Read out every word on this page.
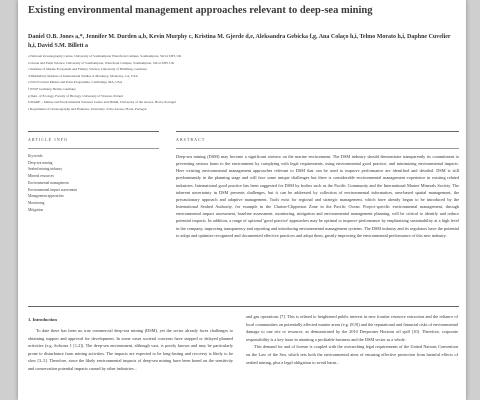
Existing environmental management approaches relevant to deep-sea mining
Daniel O.B. Jones a,*, Jennifer M. Durden a,b, Kevin Murphy c, Kristina M. Gjerde d,e, Aleksandra Gebicka f,g, Ana Colaço h,i, Telmo Morato h,i, Daphne Cuvelier h,i, David S.M. Billett a
a National Oceanography Centre, University of Southampton Waterfront Campus, Southampton, SO14 3ZH, UK
b Ocean and Earth Science, University of Southampton, Waterfront Campus, Southampton, SO14 3ZH, UK
c Institute of Marine Ecosystem and Fishery Science, University of Hamburg, Germany
d Middlebury Institute of International Studies at Monterey, Monterey, CA, USA
e IUCN Global Marine and Polar Programme, Cambridge, MA, USA
f WWF Germany, Berlin, Germany
g Dept. of Ecology, Faculty of Biology, University of Warsaw, Poland
h MARE – Marine and Environmental Sciences Centre and IMAR, University of the Azores, Horta, Portugal
i Department of Oceanography and Fisheries, University of the Azores, Horta, Portugal
ARTICLE INFO	ABSTRACT
Keywords:
Deep-sea mining
Seabed mining industry
Mineral resources
Environmental management
Environmental impact assessment
Management approaches
Monitoring
Mitigation
Deep-sea mining (DSM) may become a significant stressor on the marine environment. The DSM industry should demonstrate transparently its commitment to preventing serious harm to the environment by complying with legal requirements, using environmental good practice, and minimizing environmental impacts. Here existing environmental management approaches relevant to DSM that can be used to improve performance are identified and detailed. DSM is still predominantly in the planning stage and will face some unique challenges but there is considerable environmental management experience in existing related industries. International good practice has been suggested for DSM by bodies such as the Pacific Community and the International Marine Minerals Society. The inherent uncertainty in DSM presents challenges, but it can be addressed by collection of environmental information, area-based spatial management, the precautionary approach and adaptive management. Tools exist for regional and strategic management, which have already begun to be introduced by the International Seabed Authority, for example in the Clarion-Clipperton Zone in the Pacific Ocean. Project-specific environmental management, through environmental impact assessment, baseline assessment, monitoring, mitigation and environmental management planning, will be critical to identify and reduce potential impacts. In addition, a range of optional 'good practice' approaches may be optimal to improve performance by emphasizing sustainability at a high level in the company, improving transparency and reporting and introducing environmental management systems. The DSM industry and its regulators have the potential to adopt and optimize recognized and documented effective practices and adopt them, greatly improving the environmental performance of this new industry.
1. Introduction

To date there has been no true commercial deep-sea mining (DSM), yet the sector already faces challenges to obtaining support and approval for development. In some cases societal concerns have stopped or delayed planned activities (e.g. Solwara 1 [1,2]). The deep-sea environment, although vast, is poorly known and may be particularly prone to disturbance from mining activities. The impacts are expected to be long-lasting and recovery is likely to be slow [3–5]. Therefore, since the likely environmental impacts of deep-sea mining have been based on the sensitivity and conservation potential impacts caused by other industries...

and gas operations [7]. This is related to heightened public interest in new frontier resource extraction and the reliance of local communities on potentially affected marine areas (e.g. [8,9]) and the reputational and financial risks of environmental damage to one site or resource, as demonstrated by the 2010 Deepwater Horizon oil spill [10]. Therefore, corporate responsibility is a key issue in attaining a profitable business and the DSM sector as a whole.

This demand for and of license is coupled with the overarching legal requirements of the United Nations Convention on the Law of the Sea, which sets both the environmental aims of ensuring effective protection from harmful effects of seabed mining, plus a legal obligation to avoid harm...
